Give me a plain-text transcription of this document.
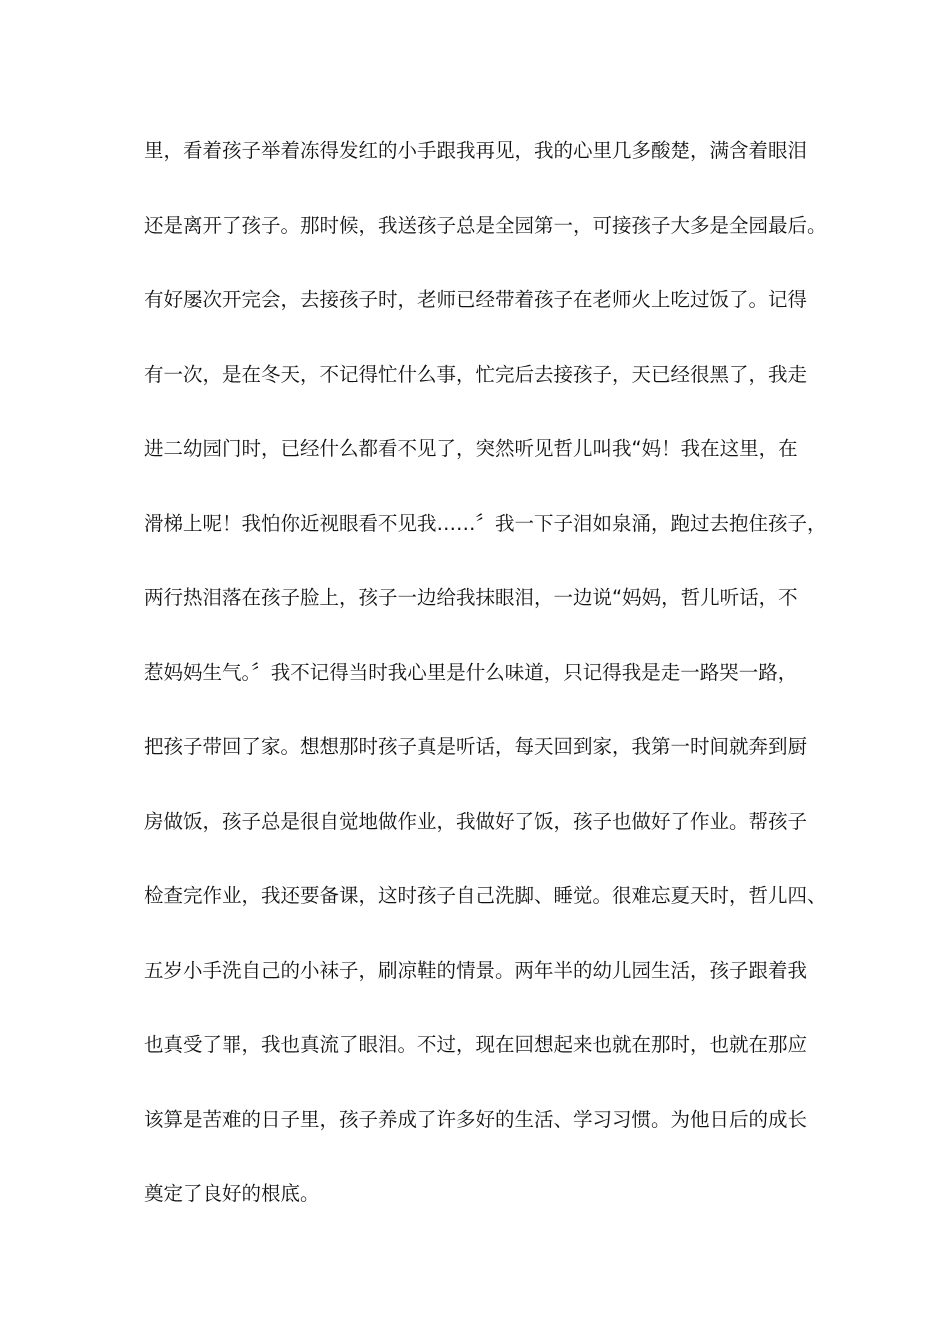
里，看着孩子举着冻得发红的小手跟我再见，我的心里几多酸楚，满含着眼泪
还是离开了孩子。那时候，我送孩子总是全园第一，可接孩子大多是全园最后。
有好屡次开完会，去接孩子时，老师已经带着孩子在老师火上吃过饭了。记得
有一次，是在冬天，不记得忙什么事，忙完后去接孩子，天已经很黑了，我走
进二幼园门时，已经什么都看不见了，突然听见哲儿叫我“妈！我在这里，在
滑梯上呢！我怕你近视眼看不见我……〞我一下子泪如泉涌，跑过去抱住孩子，
两行热泪落在孩子脸上，孩子一边给我抹眼泪，一边说“妈妈，哲儿听话，不
惹妈妈生气。〞我不记得当时我心里是什么味道，只记得我是走一路哭一路，
把孩子带回了家。想想那时孩子真是听话，每天回到家，我第一时间就奔到厨
房做饭，孩子总是很自觉地做作业，我做好了饭，孩子也做好了作业。帮孩子
检查完作业，我还要备课，这时孩子自己洗脚、睡觉。很难忘夏天时，哲儿四、
五岁小手洗自己的小袜子，刷凉鞋的情景。两年半的幼儿园生活，孩子跟着我
也真受了罪，我也真流了眼泪。不过，现在回想起来也就在那时，也就在那应
该算是苦难的日子里，孩子养成了许多好的生活、学习习惯。为他日后的成长
奠定了良好的根底。
